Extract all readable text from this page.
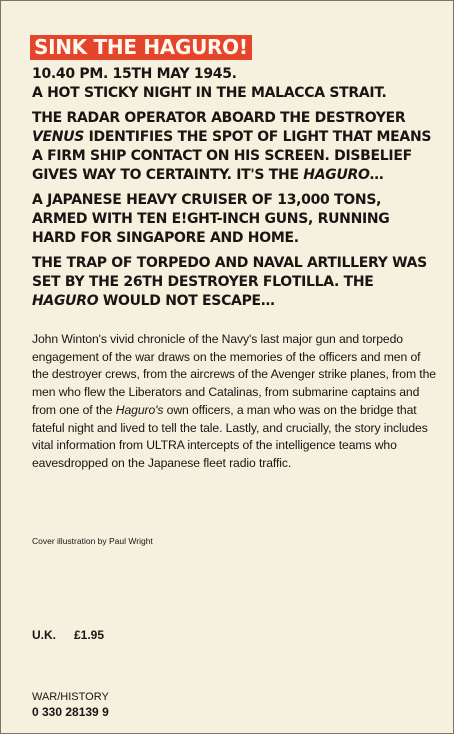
SINK THE HAGURO!
10.40 PM. 15TH MAY 1945.
A HOT STICKY NIGHT IN THE MALACCA STRAIT.
THE RADAR OPERATOR ABOARD THE DESTROYER VENUS IDENTIFIES THE SPOT OF LIGHT THAT MEANS A FIRM SHIP CONTACT ON HIS SCREEN. DISBELIEF GIVES WAY TO CERTAINTY. IT'S THE HAGURO…
A JAPANESE HEAVY CRUISER OF 13,000 TONS, ARMED WITH TEN E!GHT-INCH GUNS, RUNNING HARD FOR SINGAPORE AND HOME.
THE TRAP OF TORPEDO AND NAVAL ARTILLERY WAS SET BY THE 26TH DESTROYER FLOTILLA. THE HAGURO WOULD NOT ESCAPE…
John Winton's vivid chronicle of the Navy's last major gun and torpedo engagement of the war draws on the memories of the officers and men of the destroyer crews, from the aircrews of the Avenger strike planes, from the men who flew the Liberators and Catalinas, from submarine captains and from one of the Haguro's own officers, a man who was on the bridge that fateful night and lived to tell the tale. Lastly, and crucially, the story includes vital information from ULTRA intercepts of the intelligence teams who eavesdropped on the Japanese fleet radio traffic.
Cover illustration by Paul Wright
U.K. £1.95
WAR/HISTORY
0 330 28139 9
